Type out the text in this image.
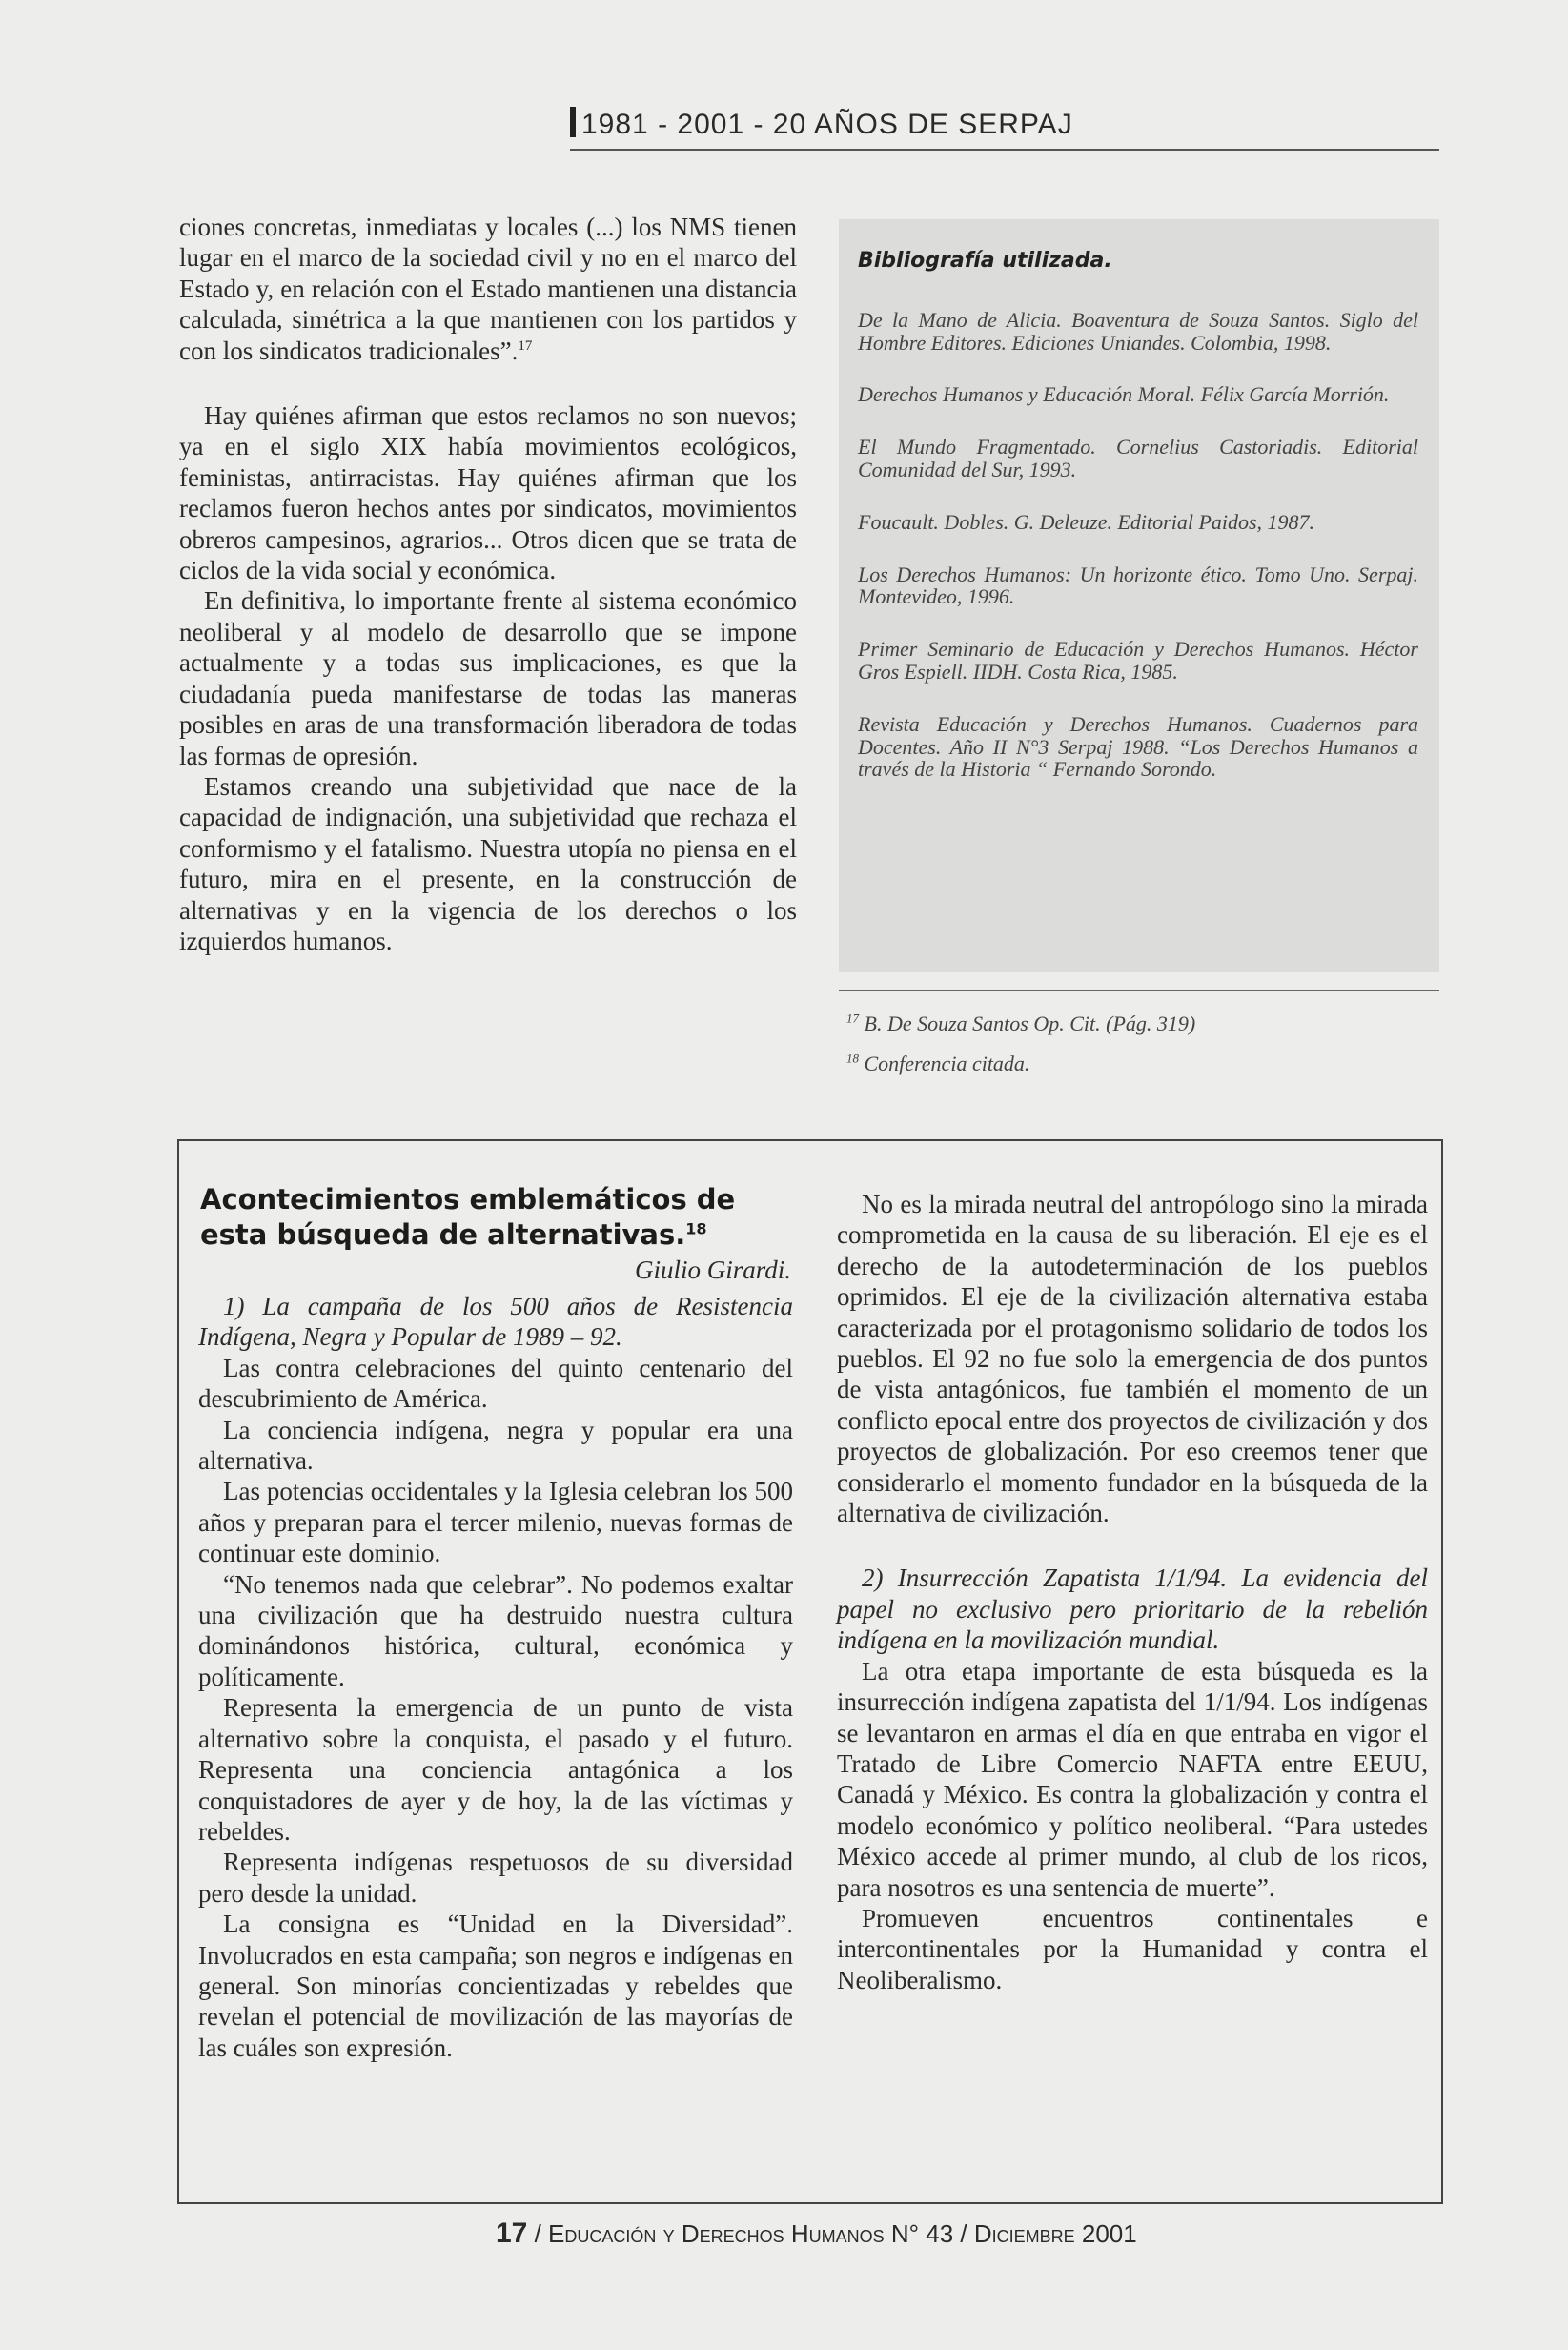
1981 - 2001 - 20 AÑOS DE SERPAJ

ciones concretas, inmediatas y locales (...) los NMS tienen lugar en el marco de la sociedad civil y no en el marco del Estado y, en relación con el Estado mantienen una distancia calculada, simétrica a la que mantienen con los partidos y con los sindicatos tradicionales”.$^{17}$

Hay quiénes afirman que estos reclamos no son nuevos; ya en el siglo XIX había movimientos ecológicos, feministas, antirracistas. Hay quiénes afirman que los reclamos fueron hechos antes por sindicatos, movimientos obreros campesinos, agrarios... Otros dicen que se trata de ciclos de la vida social y económica.

En definitiva, lo importante frente al sistema económico neoliberal y al modelo de desarrollo que se impone actualmente y a todas sus implicaciones, es que la ciudadanía pueda manifestarse de todas las maneras posibles en aras de una transformación liberadora de todas las formas de opresión.

Estamos creando una subjetividad que nace de la capacidad de indignación, una subjetividad que rechaza el conformismo y el fatalismo. Nuestra utopía no piensa en el futuro, mira en el presente, en la construcción de alternativas y en la vigencia de los derechos o los izquierdos humanos.

Bibliografía utilizada.

De la Mano de Alicia. Boaventura de Souza Santos. Siglo del Hombre Editores. Ediciones Uniandes. Colombia, 1998.

Derechos Humanos y Educación Moral. Félix García Morrión.

El Mundo Fragmentado. Cornelius Castoriadis. Editorial Comunidad del Sur, 1993.

Foucault. Dobles. G. Deleuze. Editorial Paidos, 1987.

Los Derechos Humanos: Un horizonte ético. Tomo Uno. Serpaj. Montevideo, 1996.

Primer Seminario de Educación y Derechos Humanos. Héctor Gros Espiell. IIDH. Costa Rica, 1985.

Revista Educación y Derechos Humanos. Cuadernos para Docentes. Año II N°3 Serpaj 1988. “Los Derechos Humanos a través de la Historia “ Fernando Sorondo.

$^{17}$ B. De Souza Santos Op. Cit. (Pág. 319)

$^{18}$ Conferencia citada.

Acontecimientos emblemáticos de esta búsqueda de alternativas.$^{18}$
Giulio Girardi.

1) La campaña de los 500 años de Resistencia Indígena, Negra y Popular de 1989 – 92.

Las contra celebraciones del quinto centenario del descubrimiento de América.

La conciencia indígena, negra y popular era una alternativa.

Las potencias occidentales y la Iglesia celebran los 500 años y preparan para el tercer milenio, nuevas formas de continuar este dominio.

“No tenemos nada que celebrar”. No podemos exaltar una civilización que ha destruido nuestra cultura dominándonos histórica, cultural, económica y políticamente.

Representa la emergencia de un punto de vista alternativo sobre la conquista, el pasado y el futuro. Representa una conciencia antagónica a los conquistadores de ayer y de hoy, la de las víctimas y rebeldes.

Representa indígenas respetuosos de su diversidad pero desde la unidad.

La consigna es “Unidad en la Diversidad”. Involucrados en esta campaña; son negros e indígenas en general. Son minorías concientizadas y rebeldes que revelan el potencial de movilización de las mayorías de las cuáles son expresión.

No es la mirada neutral del antropólogo sino la mirada comprometida en la causa de su liberación. El eje es el derecho de la autodeterminación de los pueblos oprimidos. El eje de la civilización alternativa estaba caracterizada por el protagonismo solidario de todos los pueblos. El 92 no fue solo la emergencia de dos puntos de vista antagónicos, fue también el momento de un conflicto epocal entre dos proyectos de civilización y dos proyectos de globalización. Por eso creemos tener que considerarlo el momento fundador en la búsqueda de la alternativa de civilización.

2) Insurrección Zapatista 1/1/94. La evidencia del papel no exclusivo pero prioritario de la rebelión indígena en la movilización mundial.

La otra etapa importante de esta búsqueda es la insurrección indígena zapatista del 1/1/94. Los indígenas se levantaron en armas el día en que entraba en vigor el Tratado de Libre Comercio NAFTA entre EEUU, Canadá y México. Es contra la globalización y contra el modelo económico y político neoliberal. “Para ustedes México accede al primer mundo, al club de los ricos, para nosotros es una sentencia de muerte”.

Promueven encuentros continentales e intercontinentales por la Humanidad y contra el Neoliberalismo.

17 / Educación y Derechos Humanos N° 43 / Diciembre 2001
